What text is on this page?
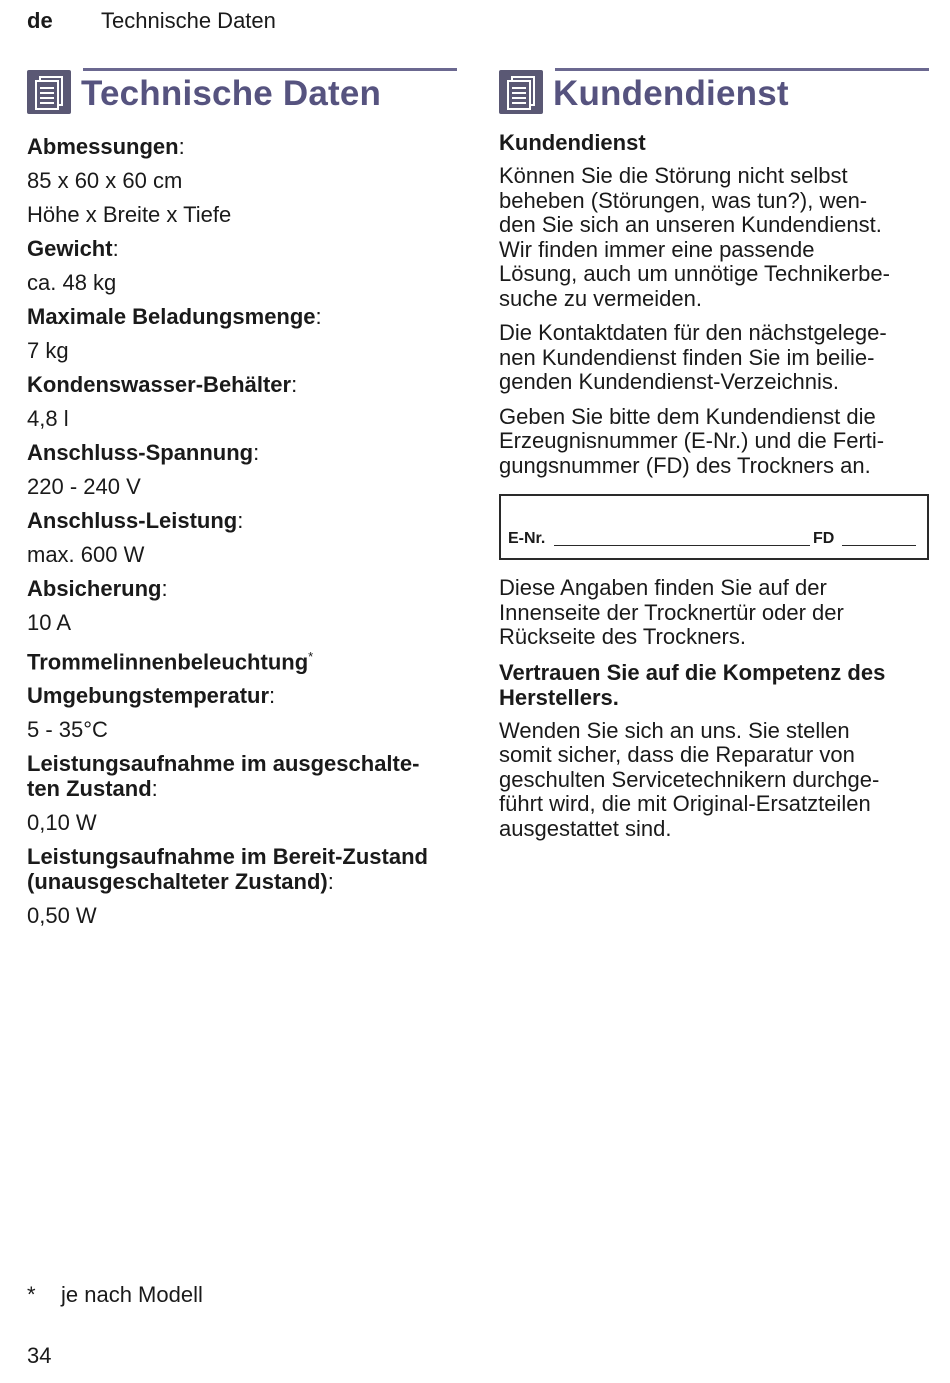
de Technische Daten
Technische Daten

Abmessungen:

85 x 60 x 60 cm

Höhe x Breite x Tiefe

Gewicht:

ca. 48 kg

Maximale Beladungsmenge:

7 kg

Kondenswasser-Behälter:

4,8 l

Anschluss-Spannung:

220 - 240 V

Anschluss-Leistung:

max. 600 W

Absicherung:

10 A

Trommelinnenbeleuchtung*

Umgebungstemperatur:

5 - 35°C

Leistungsaufnahme im ausgeschalte-
ten Zustand:

0,10 W

Leistungsaufnahme im Bereit-Zustand
(unausgeschalteter Zustand):

0,50 W

Kundendienst

Kundendienst

Können Sie die Störung nicht selbst
beheben (Störungen, was tun?), wen-
den Sie sich an unseren Kundendienst.
Wir finden immer eine passende
Lösung, auch um unnötige Technikerbe-
suche zu vermeiden.

Die Kontaktdaten für den nächstgelege-
nen Kundendienst finden Sie im beilie-
genden Kundendienst-Verzeichnis.

Geben Sie bitte dem Kundendienst die
Erzeugnisnummer (E-Nr.) und die Ferti-
gungsnummer (FD) des Trockners an.

E-Nr.	FD

Diese Angaben finden Sie auf der
Innenseite der Trocknertür oder der
Rückseite des Trockners.

Vertrauen Sie auf die Kompetenz des
Herstellers.

Wenden Sie sich an uns. Sie stellen
somit sicher, dass die Reparatur von
geschulten Servicetechnikern durchge-
führt wird, die mit Original-Ersatzteilen
ausgestattet sind.

* je nach Modell
34
